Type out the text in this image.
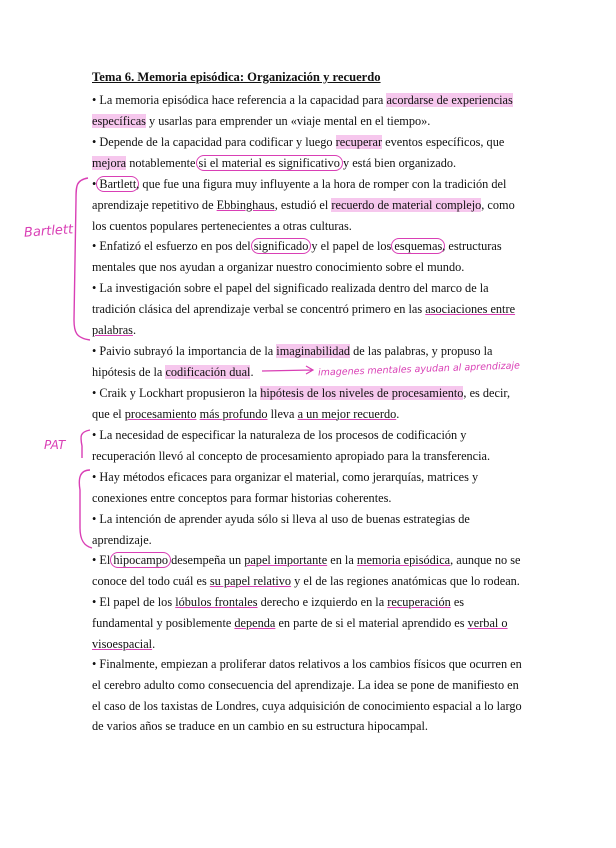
Tema 6. Memoria episódica: Organización y recuerdo
• La memoria episódica hace referencia a la capacidad para acordarse de experiencias
específicas y usarlas para emprender un «viaje mental en el tiempo».
• Depende de la capacidad para codificar y luego recuperar eventos específicos, que
mejora notablemente si el material es significativo y está bien organizado.
• Bartlett, que fue una figura muy influyente a la hora de romper con la tradición del
aprendizaje repetitivo de Ebbinghaus, estudió el recuerdo de material complejo, como
los cuentos populares pertenecientes a otras culturas.
• Enfatizó el esfuerzo en pos del significado y el papel de los esquemas, estructuras
mentales que nos ayudan a organizar nuestro conocimiento sobre el mundo.
• La investigación sobre el papel del significado realizada dentro del marco de la
tradición clásica del aprendizaje verbal se concentró primero en las asociaciones entre
palabras.
• Paivio subrayó la importancia de la imaginabilidad de las palabras, y propuso la
hipótesis de la codificación dual.
• Craik y Lockhart propusieron la hipótesis de los niveles de procesamiento, es decir,
que el procesamiento más profundo lleva a un mejor recuerdo.
• La necesidad de especificar la naturaleza de los procesos de codificación y
recuperación llevó al concepto de procesamiento apropiado para la transferencia.
• Hay métodos eficaces para organizar el material, como jerarquías, matrices y
conexiones entre conceptos para formar historias coherentes.
• La intención de aprender ayuda sólo si lleva al uso de buenas estrategias de
aprendizaje.
• El hipocampo desempeña un papel importante en la memoria episódica, aunque no se
conoce del todo cuál es su papel relativo y el de las regiones anatómicas que lo rodean.
• El papel de los lóbulos frontales derecho e izquierdo en la recuperación es
fundamental y posiblemente dependa en parte de si el material aprendido es verbal o
visoespacial.
• Finalmente, empiezan a proliferar datos relativos a los cambios físicos que ocurren en
el cerebro adulto como consecuencia del aprendizaje. La idea se pone de manifiesto en
el caso de los taxistas de Londres, cuya adquisición de conocimiento espacial a lo largo
de varios años se traduce en un cambio en su estructura hipocampal.
Bartlett
PAT
imagenes mentales ayudan al aprendizaje
